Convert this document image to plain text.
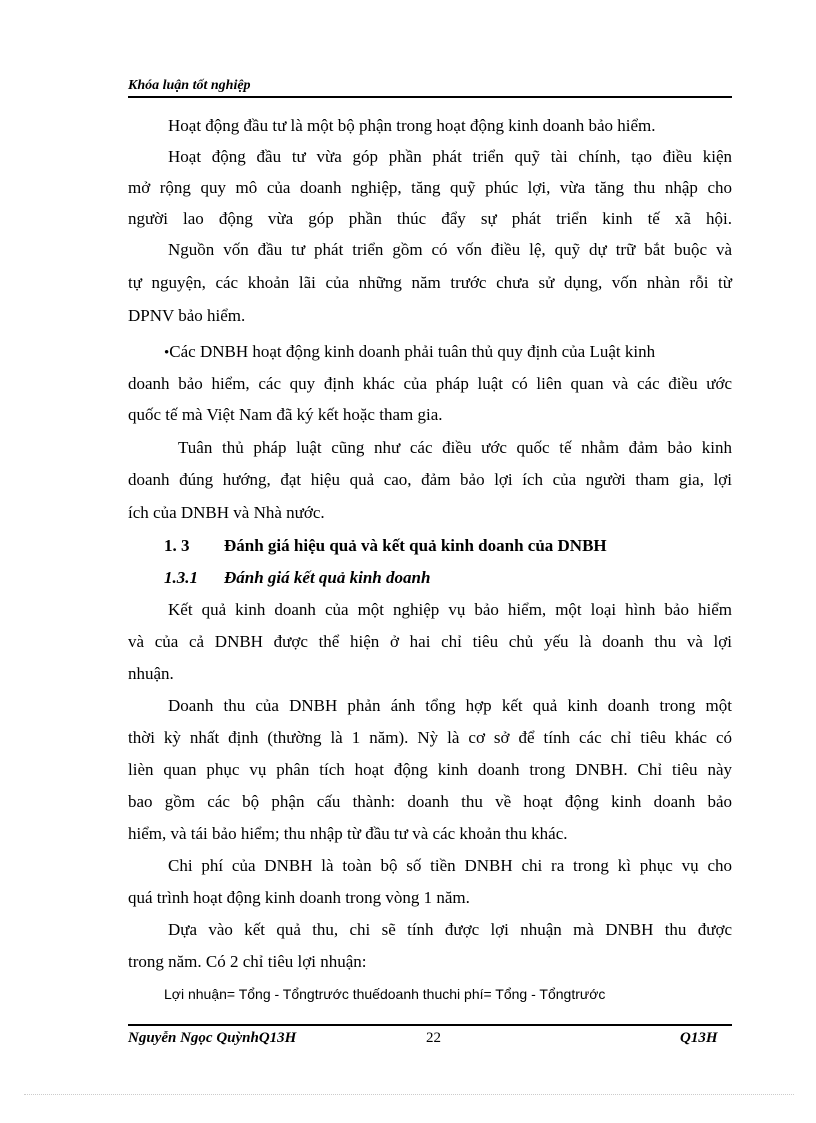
Khóa luận tốt nghiệp
Hoạt động đầu tư là một bộ phận trong hoạt động kinh doanh bảo hiểm.
Hoạt động đầu tư vừa góp phần phát triển quỹ tài chính, tạo điều kiện
mở rộng quy mô của doanh nghiệp, tăng quỹ phúc lợi, vừa tăng thu nhập cho
người lao động vừa góp phần thúc đẩy sự phát triển kinh tế xã hội.
Nguồn vốn đầu tư phát triển gồm có vốn điều lệ, quỹ dự trữ bắt buộc và
tự nguyện, các khoản lãi của những năm trước chưa sử dụng, vốn nhàn rỗi từ
DPNV bảo hiểm.
•Các DNBH hoạt động kinh doanh phải tuân thủ quy định của Luật kinh
doanh bảo hiểm, các quy định khác của pháp luật có liên quan và các điều ước
quốc tế mà Việt Nam đã ký kết hoặc tham gia.
Tuân thủ pháp luật cũng như các điều ước quốc tế nhằm đảm bảo kinh
doanh đúng hướng, đạt hiệu quả cao, đảm bảo lợi ích của người tham gia, lợi
ích của DNBH và Nhà nước.
1. 3 Đánh giá hiệu quả và kết quả kinh doanh của DNBH
1.3.1 Đánh giá kết quả kinh doanh
Kết quả kinh doanh của một nghiệp vụ bảo hiểm, một loại hình bảo hiểm
và của cả DNBH được thể hiện ở hai chỉ tiêu chủ yếu là doanh thu và lợi
nhuận.
Doanh thu của DNBH phản ánh tổng hợp kết quả kinh doanh trong một
thời kỳ nhất định (thường là 1 năm). Nỳ là cơ sở để tính các chỉ tiêu khác có
lièn quan phục vụ phân tích hoạt động kinh doanh trong DNBH. Chỉ tiêu này
bao gồm các bộ phận cấu thành: doanh thu về hoạt động kinh doanh bảo
hiểm, và tái bảo hiểm; thu nhập từ đầu tư và các khoản thu khác.
Chi phí của DNBH là toàn bộ số tiền DNBH chi ra trong kì phục vụ cho
quá trình hoạt động kinh doanh trong vòng 1 năm.
Dựa vào kết quả thu, chi sẽ tính được lợi nhuận mà DNBH thu được
trong năm. Có 2 chỉ tiêu lợi nhuận:
Lợi nhuận= Tổng - Tổngtrước thuếdoanh thuchi phí= Tổng - Tổngtrước
Nguyễn Ngọc QuỳnhQ13H	22	Q13H
